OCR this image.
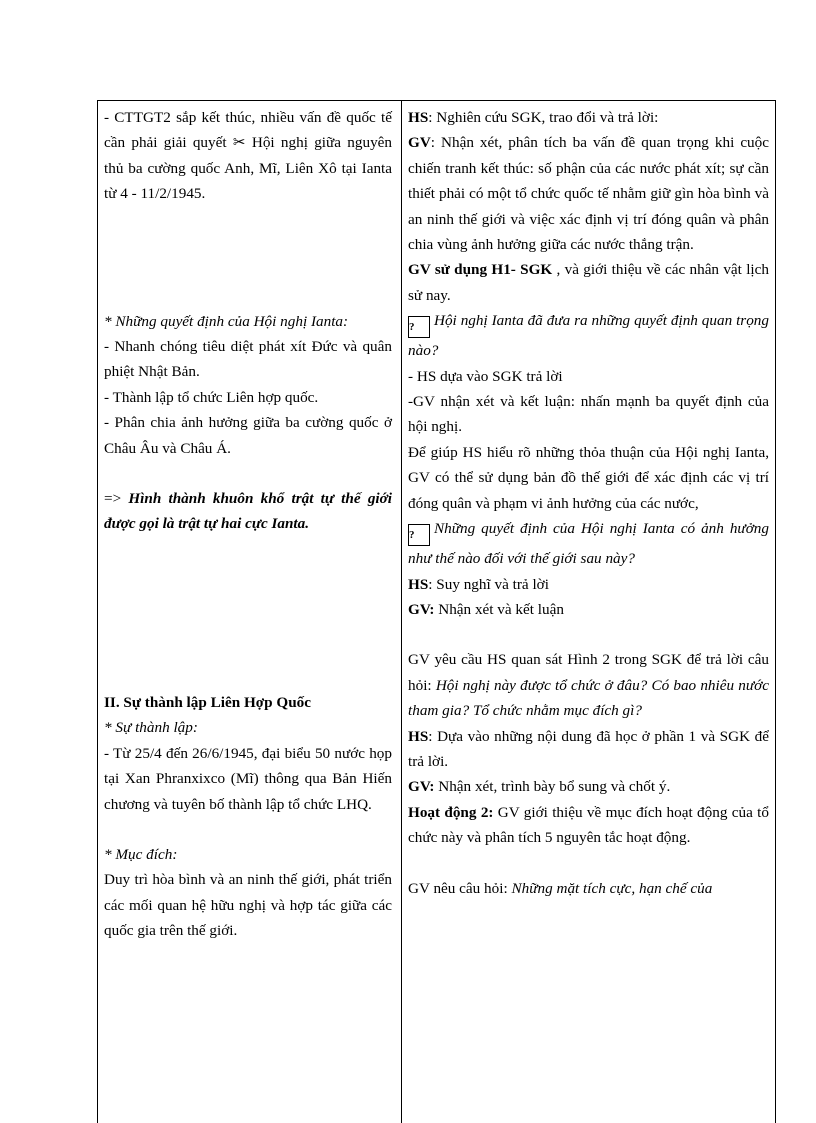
- CTTGT2 sắp kết thúc, nhiều vấn đề quốc tế cần phải giải quyết ✂ Hội nghị giữa nguyên thủ ba cường quốc Anh, Mĩ, Liên Xô tại Ianta từ 4 - 11/2/1945.

* Những quyết định của Hội nghị Ianta:

- Nhanh chóng tiêu diệt phát xít Đức và quân phiệt Nhật Bản.

- Thành lập tổ chức Liên hợp quốc.

- Phân chia ảnh hưởng giữa ba cường quốc ở Châu Âu và Châu Á.

=> Hình thành khuôn khổ trật tự thế giới được gọi là trật tự hai cực Ianta.

II. Sự thành lập Liên Hợp Quốc

* Sự thành lập:

- Từ 25/4 đến 26/6/1945, đại biểu 50 nước họp tại Xan Phranxixco (Mĩ) thông qua Bản Hiến chương và tuyên bố thành lập tổ chức LHQ.

* Mục đích:

Duy trì hòa bình và an ninh thế giới, phát triển các mối quan hệ hữu nghị và hợp tác giữa các quốc gia trên thế giới.

HS: Nghiên cứu SGK, trao đổi và trả lời:

GV: Nhận xét, phân tích ba vấn đề quan trọng khi cuộc chiến tranh kết thúc: số phận của các nước phát xít; sự cần thiết phải có một tổ chức quốc tế nhằm giữ gìn hòa bình và an ninh thế giới và việc xác định vị trí đóng quân và phân chia vùng ảnh hưởng giữa các nước thắng trận.

GV sử dụng H1- SGK , và giới thiệu về các nhân vật lịch sử nay.

? Hội nghị Ianta đã đưa ra những quyết định quan trọng nào?

- HS dựa vào SGK trả lời

-GV nhận xét và kết luận: nhấn mạnh ba quyết định của hội nghị.

Để giúp HS hiểu rõ những thỏa thuận của Hội nghị Ianta, GV có thể sử dụng bản đồ thế giới để xác định các vị trí đóng quân và phạm vi ảnh hưởng của các nước,

? Những quyết định của Hội nghị Ianta có ảnh hưởng như thế nào đối với thế giới sau này?

HS: Suy nghĩ và trả lời

GV: Nhận xét và kết luận

GV yêu cầu HS quan sát Hình 2 trong SGK để trả lời câu hỏi: Hội nghị này được tổ chức ở đâu? Có bao nhiêu nước tham gia? Tổ chức nhằm mục đích gì?

HS: Dựa vào những nội dung đã học ở phần 1 và SGK để trả lời.

GV: Nhận xét, trình bày bổ sung và chốt ý.

Hoạt động 2: GV giới thiệu về mục đích hoạt động của tổ chức này và phân tích 5 nguyên tắc hoạt động.

GV nêu câu hỏi: Những mặt tích cực, hạn chế của
